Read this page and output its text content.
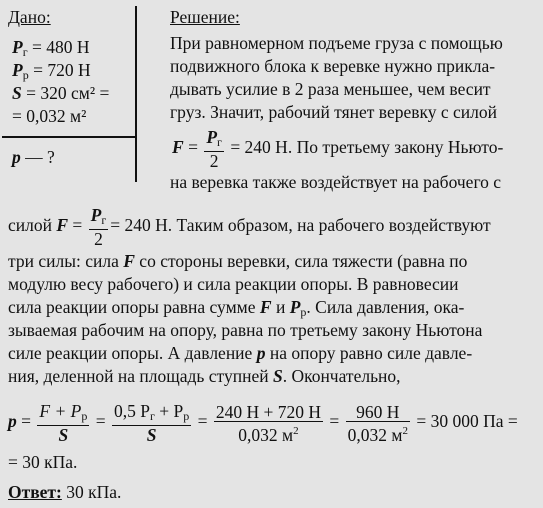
Дано:
$P_г = 480$ Н
$P_р = 720$ Н
S = 320 см² =
= 0,032 м²
p — ?
Решение:
При равномерном подъеме груза с помощью
подвижного блока к веревке нужно прикла-
дывать усилие в 2 раза меньшее, чем весит
груз. Значит, рабочий тянет веревку с силой
$F = \frac{P_г}{2} = 240$ Н. По третьему закону Ньюто-
на веревка также воздействует на рабочего с
силой $F = \frac{P_г}{2} = 240$ Н. Таким образом, на рабочего воздействуют
три силы: сила F со стороны веревки, сила тяжести (равна по
модулю весу рабочего) и сила реакции опоры. В равновесии
сила реакции опоры равна сумме F и $P_р$. Сила давления, ока-
зываемая рабочим на опору, равна по третьему закону Ньютона
силе реакции опоры. А давление p на опору равно силе давле-
ния, деленной на площадь ступней S. Окончательно,
$p = \frac{F + P_р}{S} = \frac{0,5 P_г + P_р}{S} = \frac{240 Н + 720 Н}{0,032 м^2} = \frac{960 Н}{0,032 м^2} = 30$ 000 Па =
= 30 кПа.
Ответ: 30 кПа.
